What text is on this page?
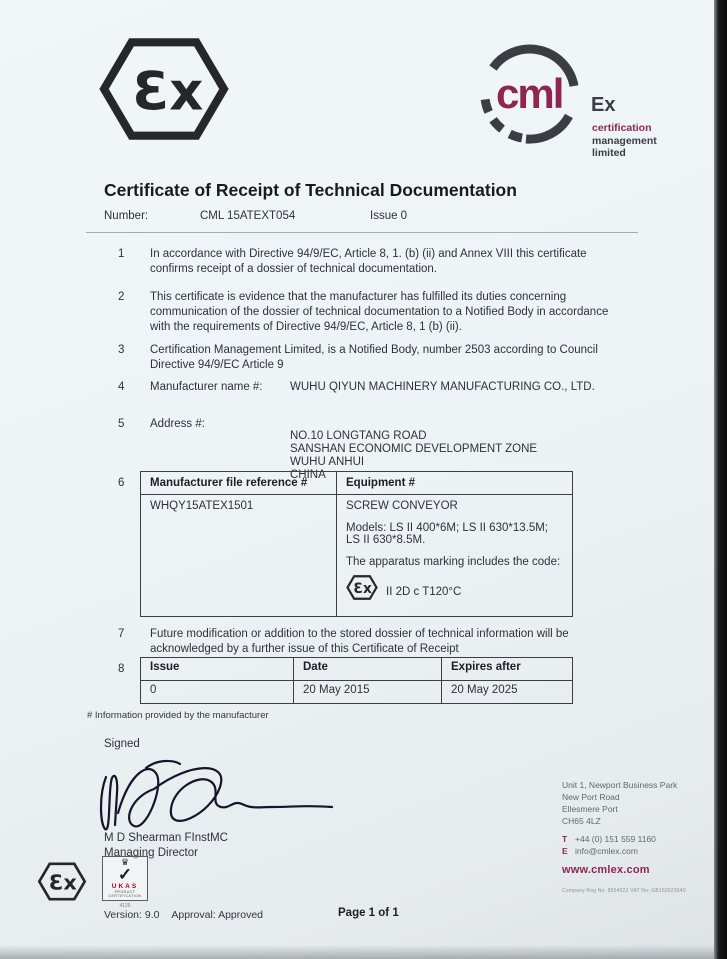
Ɛx	cml Ex
certification
management
limited
Certificate of Receipt of Technical Documentation
Number:	CML 15ATEXT054	Issue 0
1	In accordance with Directive 94/9/EC, Article 8, 1. (b) (ii) and Annex VIII this certificate confirms receipt of a dossier of technical documentation.
2	This certificate is evidence that the manufacturer has fulfilled its duties concerning communication of the dossier of technical documentation to a Notified Body in accordance with the requirements of Directive 94/9/EC, Article 8, 1 (b) (ii).
3	Certification Management Limited, is a Notified Body, number 2503 according to Council Directive 94/9/EC Article 9
4	Manufacturer name #:	WUHU QIYUN MACHINERY MANUFACTURING CO., LTD.
5	Address #:
NO.10 LONGTANG ROAD
SANSHAN ECONOMIC DEVELOPMENT ZONE
WUHU ANHUI
CHINA
6 Manufacturer file reference #	Equipment #
WHQY15ATEX1501	SCREW CONVEYOR

Models: LS II 400*6M; LS II 630*13.5M; LS II 630*8.5M.

The apparatus marking includes the code:

Ɛx II 2D c T120°C
7	Future modification or addition to the stored dossier of technical information will be acknowledged by a further issue of this Certificate of Receipt
8 Issue	Date	Expires after
0	20 May 2015	20 May 2025
# Information provided by the manufacturer
Signed
M D Shearman FInstMC
Managing Director
Ɛx
♛
✓
UKAS
PRODUCT
CERTIFICATION
4125
Version: 9.0 Approval: Approved	Page 1 of 1
Unit 1, Newport Business Park
New Port Road
Ellesmere Port
CH65 4LZ
T +44 (0) 151 559 1160
E info@cmlex.com
www.cmlex.com
Company Reg No: 8554022 VAT No: GB163923640
